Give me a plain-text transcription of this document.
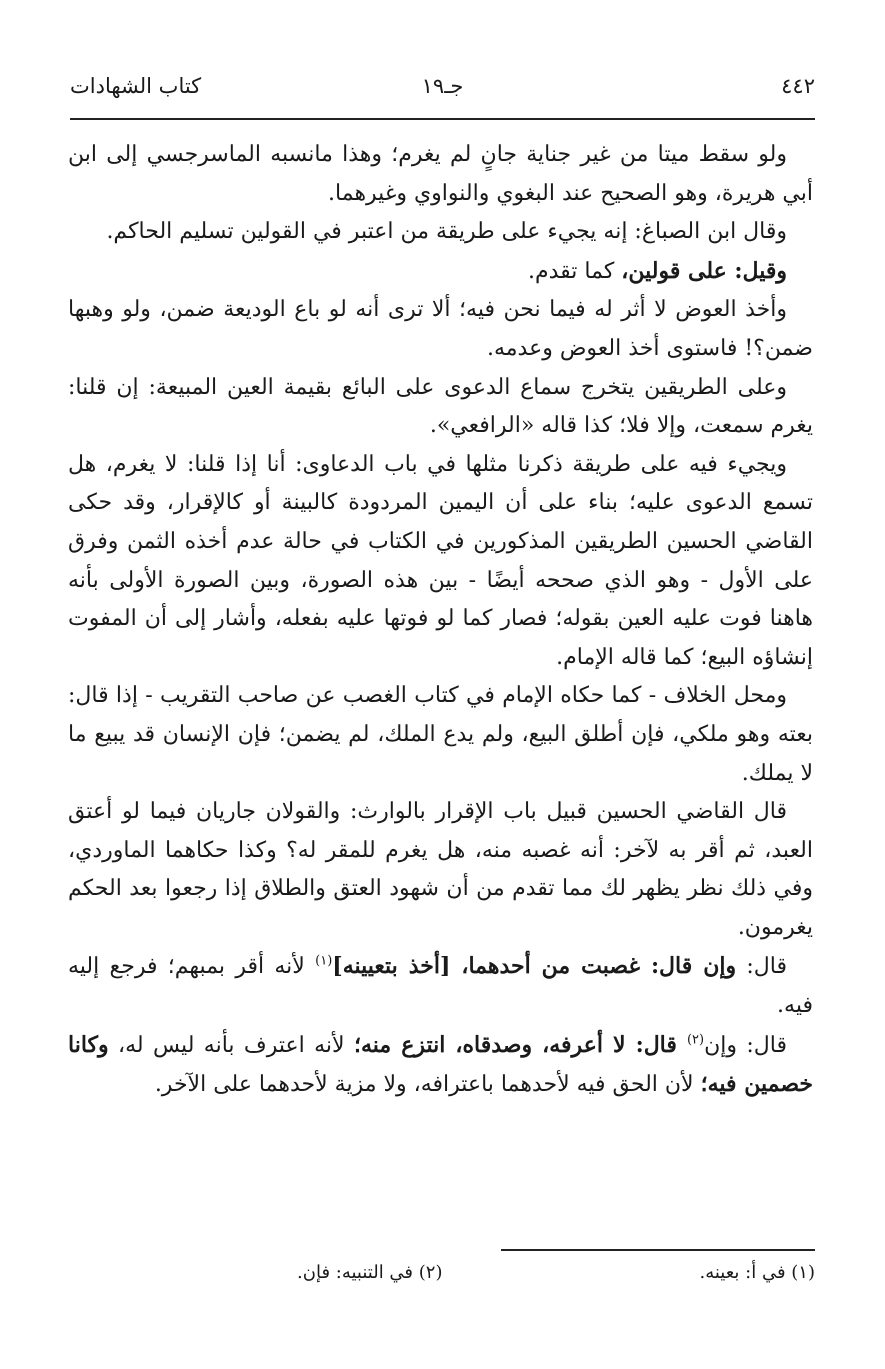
٤٤٢
جـ١٩
كتاب الشهادات

ولو سقط ميتا من غير جناية جانٍ لم يغرم؛ وهذا مانسبه الماسرجسي إلى ابن أبي هريرة، وهو الصحيح عند البغوي والنواوي وغيرهما.

وقال ابن الصباغ: إنه يجيء على طريقة من اعتبر في القولين تسليم الحاكم.

وقيل: على قولين، كما تقدم.

وأخذ العوض لا أثر له فيما نحن فيه؛ ألا ترى أنه لو باع الوديعة ضمن، ولو وهبها ضمن؟! فاستوى أخذ العوض وعدمه.

وعلى الطريقين يتخرج سماع الدعوى على البائع بقيمة العين المبيعة: إن قلنا: يغرم سمعت، وإلا فلا؛ كذا قاله «الرافعي».

ويجيء فيه على طريقة ذكرنا مثلها في باب الدعاوى: أنا إذا قلنا: لا يغرم، هل تسمع الدعوى عليه؛ بناء على أن اليمين المردودة كالبينة أو كالإقرار، وقد حكى القاضي الحسين الطريقين المذكورين في الكتاب في حالة عدم أخذه الثمن وفرق على الأول - وهو الذي صححه أيضًا - بين هذه الصورة، وبين الصورة الأولى بأنه هاهنا فوت عليه العين بقوله؛ فصار كما لو فوتها عليه بفعله، وأشار إلى أن المفوت إنشاؤه البيع؛ كما قاله الإمام.

ومحل الخلاف - كما حكاه الإمام في كتاب الغصب عن صاحب التقريب - إذا قال: بعته وهو ملكي، فإن أطلق البيع، ولم يدع الملك، لم يضمن؛ فإن الإنسان قد يبيع ما لا يملك.

قال القاضي الحسين قبيل باب الإقرار بالوارث: والقولان جاريان فيما لو أعتق العبد، ثم أقر به لآخر: أنه غصبه منه، هل يغرم للمقر له؟ وكذا حكاهما الماوردي، وفي ذلك نظر يظهر لك مما تقدم من أن شهود العتق والطلاق إذا رجعوا بعد الحكم يغرمون.

قال: وإن قال: غصبت من أحدهما، [أخذ بتعيينه]$^{(١)}$ لأنه أقر بمبهم؛ فرجع إليه فيه.

قال: وإن$^{(٢)}$ قال: لا أعرفه، وصدقاه، انتزع منه؛ لأنه اعترف بأنه ليس له، وكانا خصمين فيه؛ لأن الحق فيه لأحدهما باعترافه، ولا مزية لأحدهما على الآخر.

(١) في أ: بعينه.
(٢) في التنبيه: فإن.
